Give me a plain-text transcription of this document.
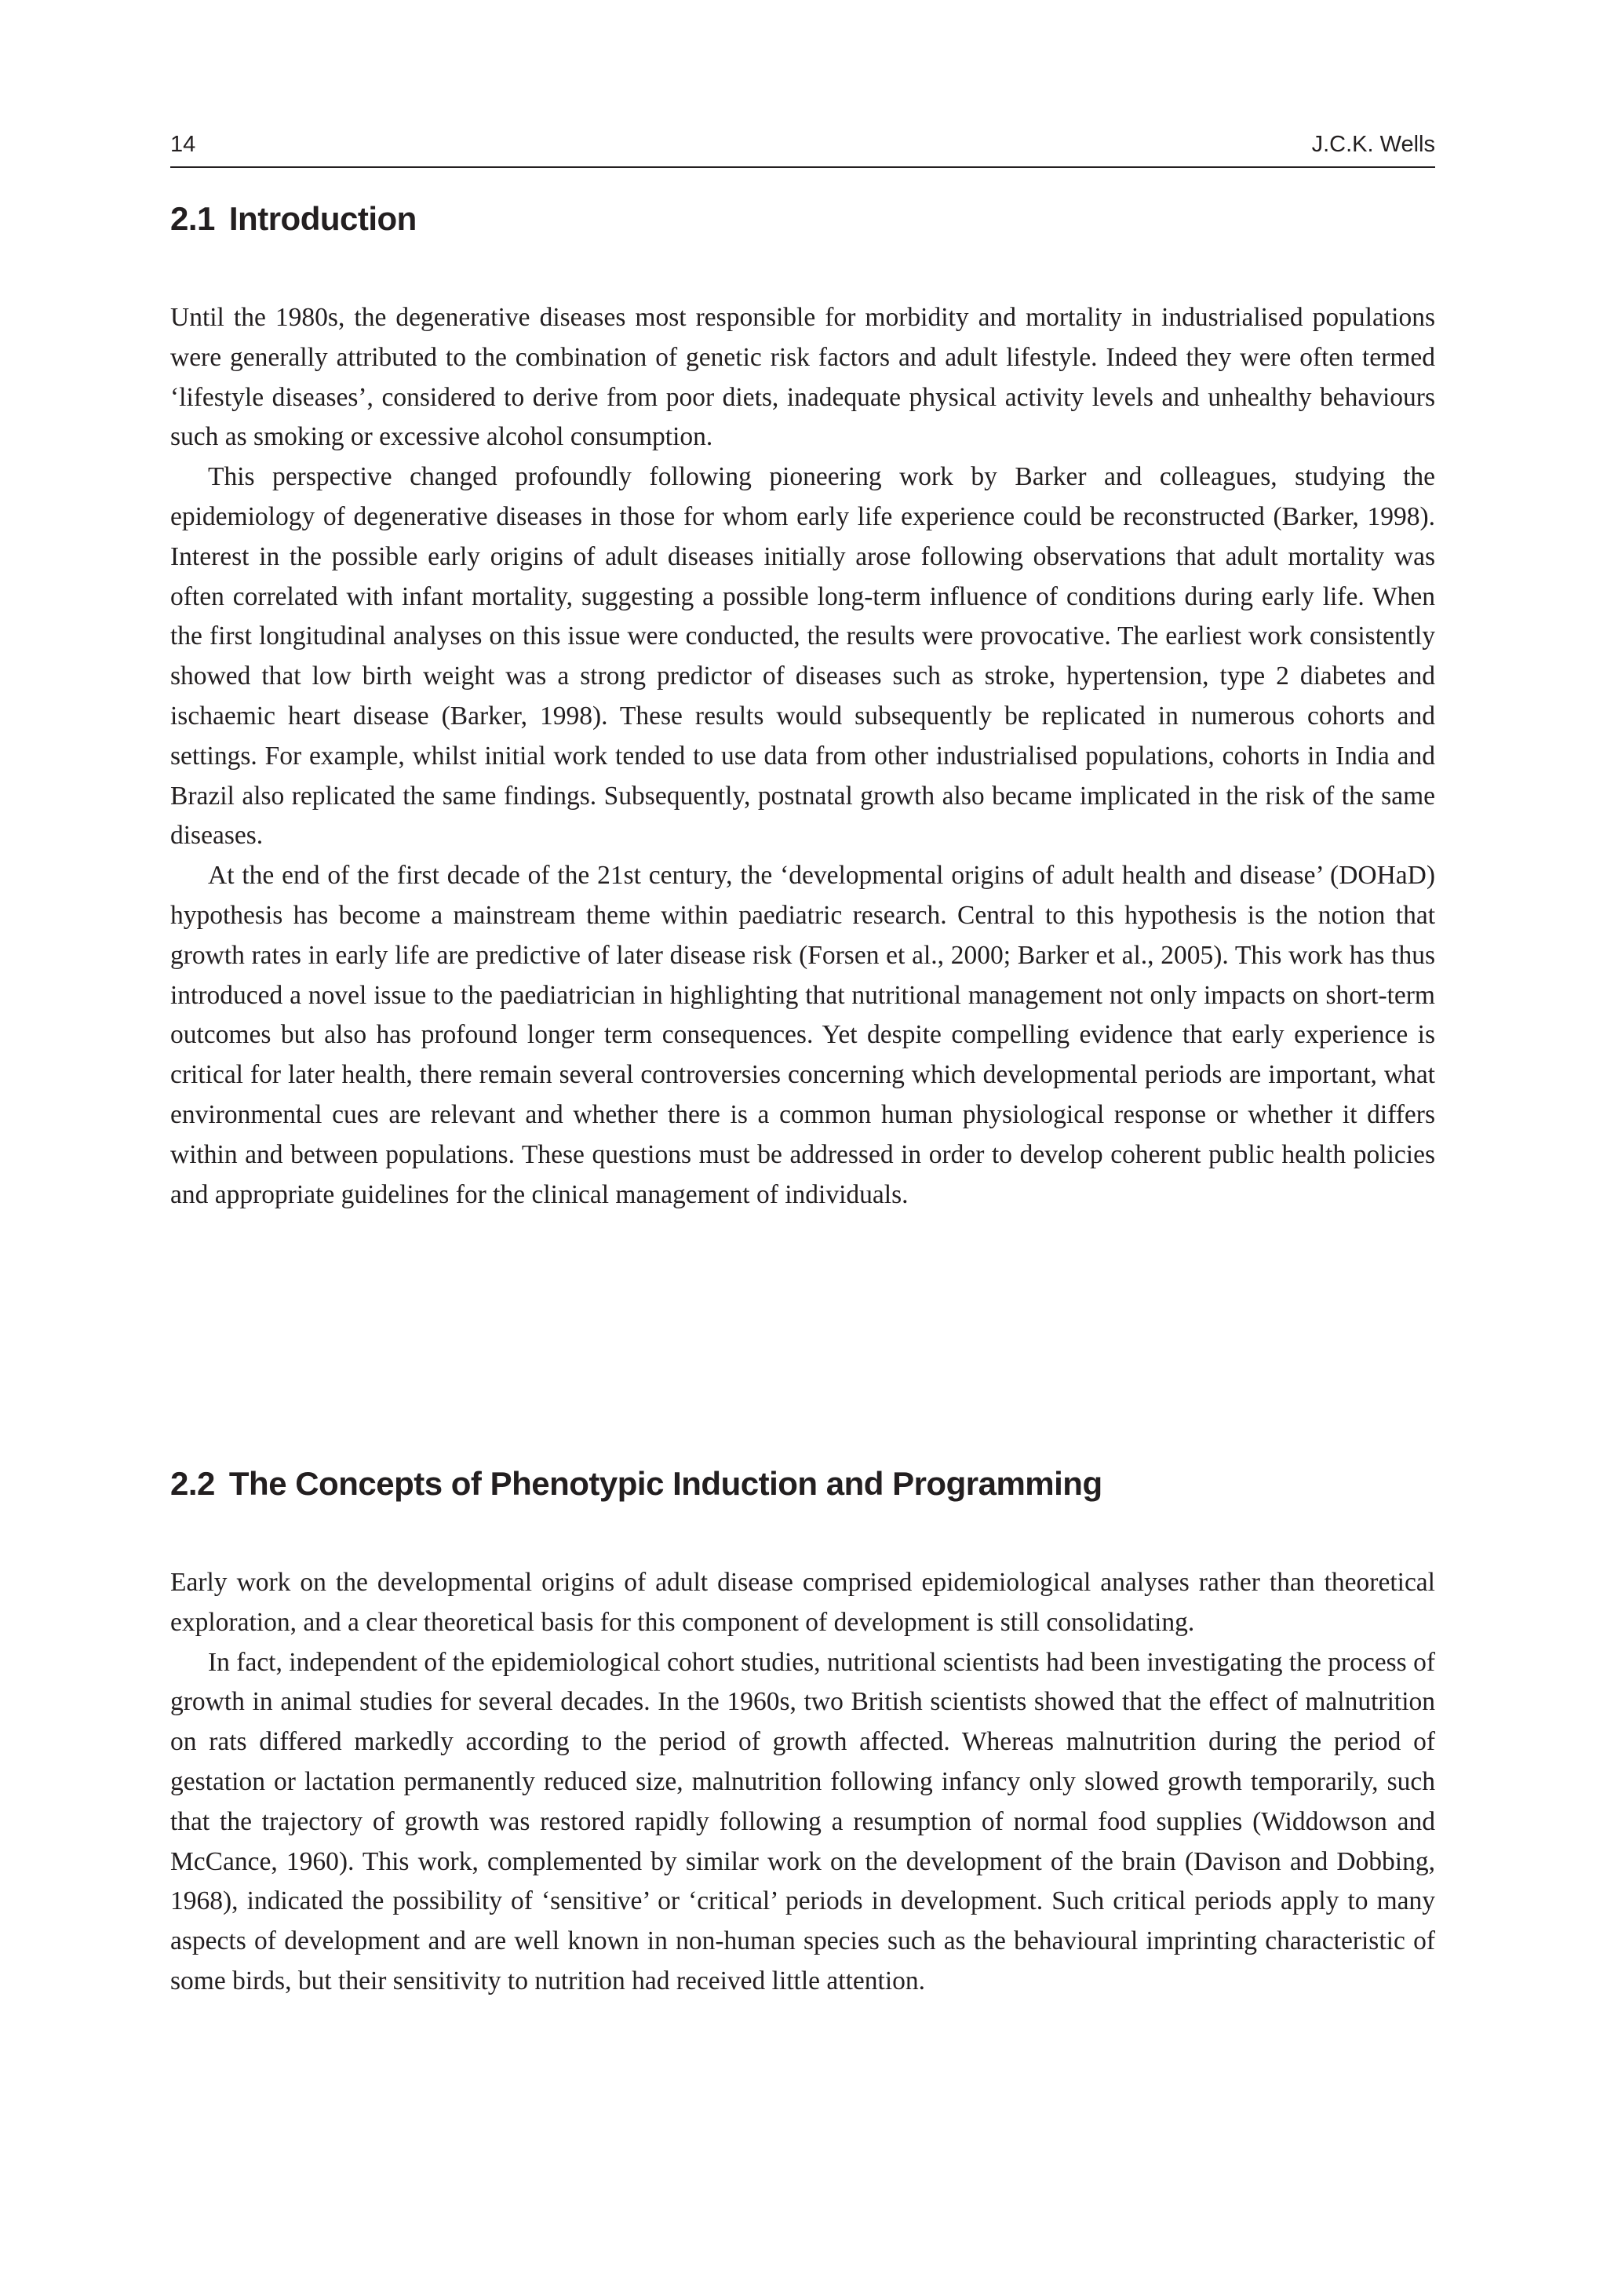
14	J.C.K. Wells
2.1 Introduction

Until the 1980s, the degenerative diseases most responsible for morbidity and mortality in industrialised populations were generally attributed to the combination of genetic risk factors and adult lifestyle. Indeed they were often termed ‘lifestyle diseases’, considered to derive from poor diets, inadequate physical activity levels and unhealthy behaviours such as smoking or excessive alcohol consumption.

This perspective changed profoundly following pioneering work by Barker and colleagues, studying the epidemiology of degenerative diseases in those for whom early life experience could be reconstructed (Barker, 1998). Interest in the possible early origins of adult diseases initially arose following observations that adult mortality was often correlated with infant mortality, suggesting a possible long-term influence of conditions during early life. When the first longitudinal analyses on this issue were conducted, the results were provocative. The earliest work consistently showed that low birth weight was a strong predictor of diseases such as stroke, hypertension, type 2 diabetes and ischaemic heart disease (Barker, 1998). These results would subsequently be replicated in numerous cohorts and settings. For example, whilst initial work tended to use data from other industrialised populations, cohorts in India and Brazil also replicated the same findings. Subsequently, postnatal growth also became implicated in the risk of the same diseases.

At the end of the first decade of the 21st century, the ‘developmental origins of adult health and disease’ (DOHaD) hypothesis has become a mainstream theme within paediatric research. Central to this hypothesis is the notion that growth rates in early life are predictive of later disease risk (Forsen et al., 2000; Barker et al., 2005). This work has thus introduced a novel issue to the paediatrician in highlighting that nutritional management not only impacts on short-term outcomes but also has profound longer term consequences. Yet despite compelling evidence that early experience is critical for later health, there remain several controversies concerning which developmental periods are important, what environmental cues are relevant and whether there is a common human physiological response or whether it differs within and between populations. These questions must be addressed in order to develop coherent public health policies and appropriate guidelines for the clinical management of individuals.

2.2 The Concepts of Phenotypic Induction and Programming

Early work on the developmental origins of adult disease comprised epidemiological analyses rather than theoretical exploration, and a clear theoretical basis for this component of development is still consolidating.

In fact, independent of the epidemiological cohort studies, nutritional scientists had been investigating the process of growth in animal studies for several decades. In the 1960s, two British scientists showed that the effect of malnutrition on rats differed markedly according to the period of growth affected. Whereas malnutrition during the period of gestation or lactation permanently reduced size, malnutrition following infancy only slowed growth temporarily, such that the trajectory of growth was restored rapidly following a resumption of normal food supplies (Widdowson and McCance, 1960). This work, complemented by similar work on the development of the brain (Davison and Dobbing, 1968), indicated the possibility of ‘sensitive’ or ‘critical’ periods in development. Such critical periods apply to many aspects of development and are well known in non-human species such as the behavioural imprinting characteristic of some birds, but their sensitivity to nutrition had received little attention.
